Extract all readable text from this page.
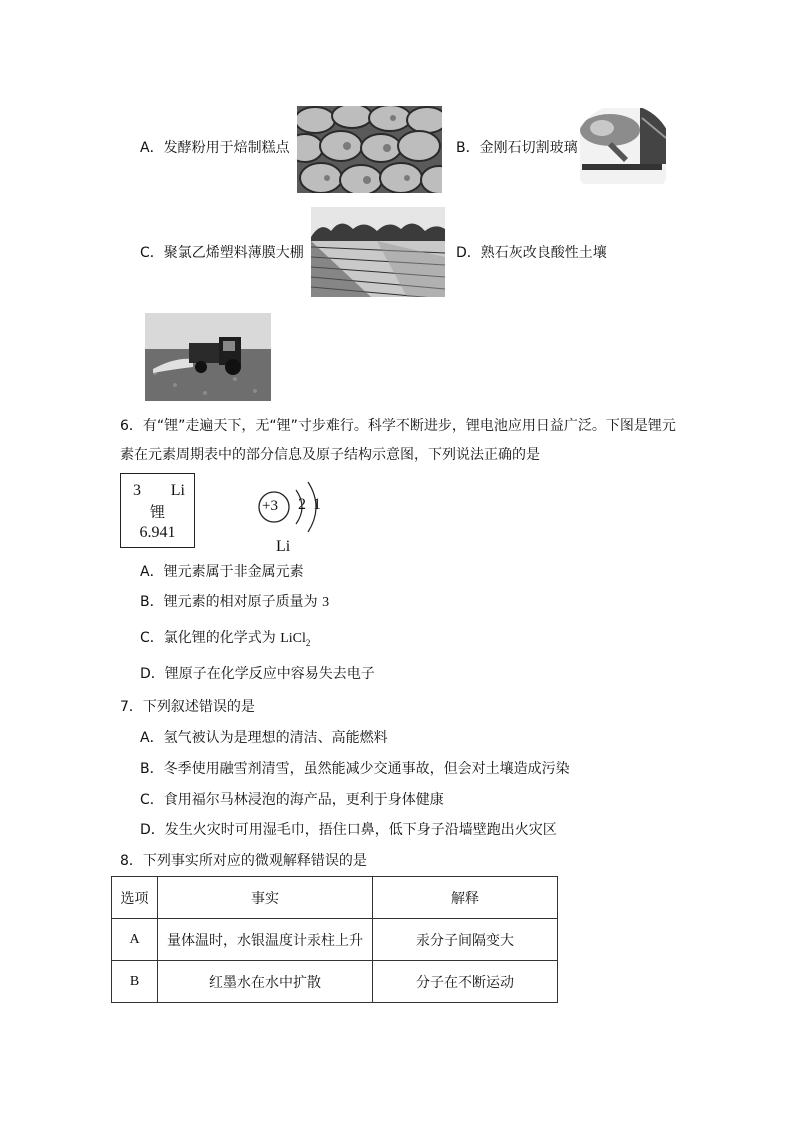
A．发酵粉用于焙制糕点	B．金刚石切割玻璃
C．聚氯乙烯塑料薄膜大棚	D．熟石灰改良酸性土壤
6．有“锂”走遍天下，无“锂”寸步难行。科学不断进步，锂电池应用日益广泛。下图是锂元
素在元素周期表中的部分信息及原子结构示意图，下列说法正确的是
3 Li
锂
6.941
+3 2 1
Li
A．锂元素属于非金属元素
B．锂元素的相对原子质量为 3
C．氯化锂的化学式为 LiCl$_2$
D．锂原子在化学反应中容易失去电子
7．下列叙述错误的是
A．氢气被认为是理想的清洁、高能燃料
B．冬季使用融雪剂清雪，虽然能减少交通事故，但会对土壤造成污染
C．食用福尔马林浸泡的海产品，更利于身体健康
D．发生火灾时可用湿毛巾，捂住口鼻，低下身子沿墙壁跑出火灾区
8．下列事实所对应的微观解释错误的是
选项	事实	解释
A	量体温时，水银温度计汞柱上升	汞分子间隔变大
B	红墨水在水中扩散	分子在不断运动
